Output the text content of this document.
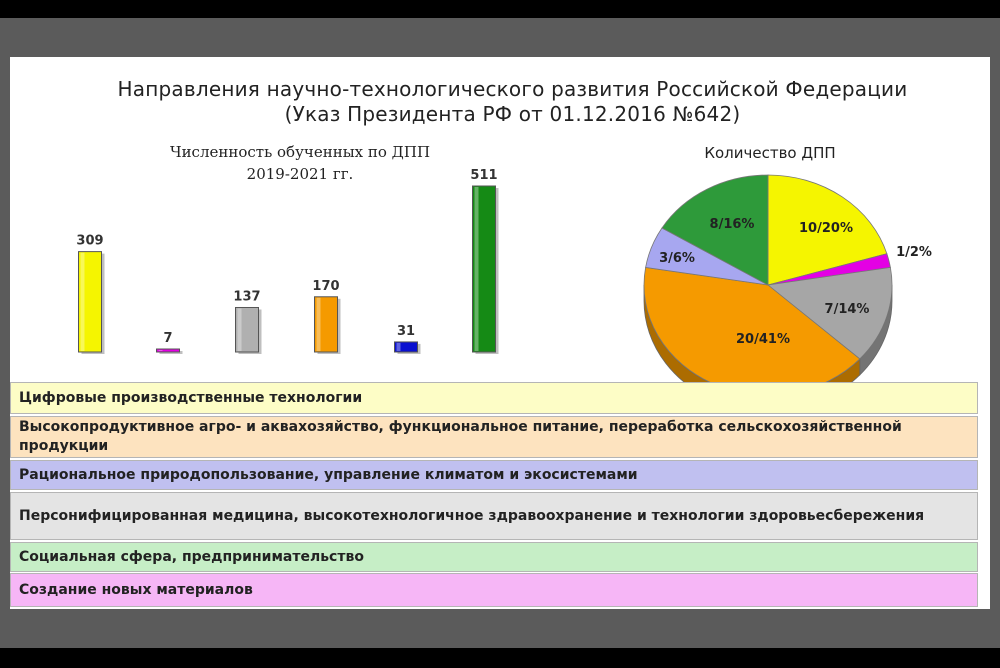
Направления научно-технологического развития Российской Федерации
(Указ Президента РФ от 01.12.2016 №642)
Численность обученных по ДПП
2019-2021 гг.
Количество ДПП
309
7
137
170
31
511
10/20%
1/2%
7/14%
20/41%
3/6%
8/16%
Цифровые производственные технологии
Высокопродуктивное агро- и аквахозяйство, функциональное питание, переработка сельскохозяйственной продукции
Рациональное природопользование, управление климатом и экосистемами
Персонифицированная медицина, высокотехнологичное здравоохранение и технологии здоровьесбережения
Социальная сфера, предпринимательство
Создание новых материалов
